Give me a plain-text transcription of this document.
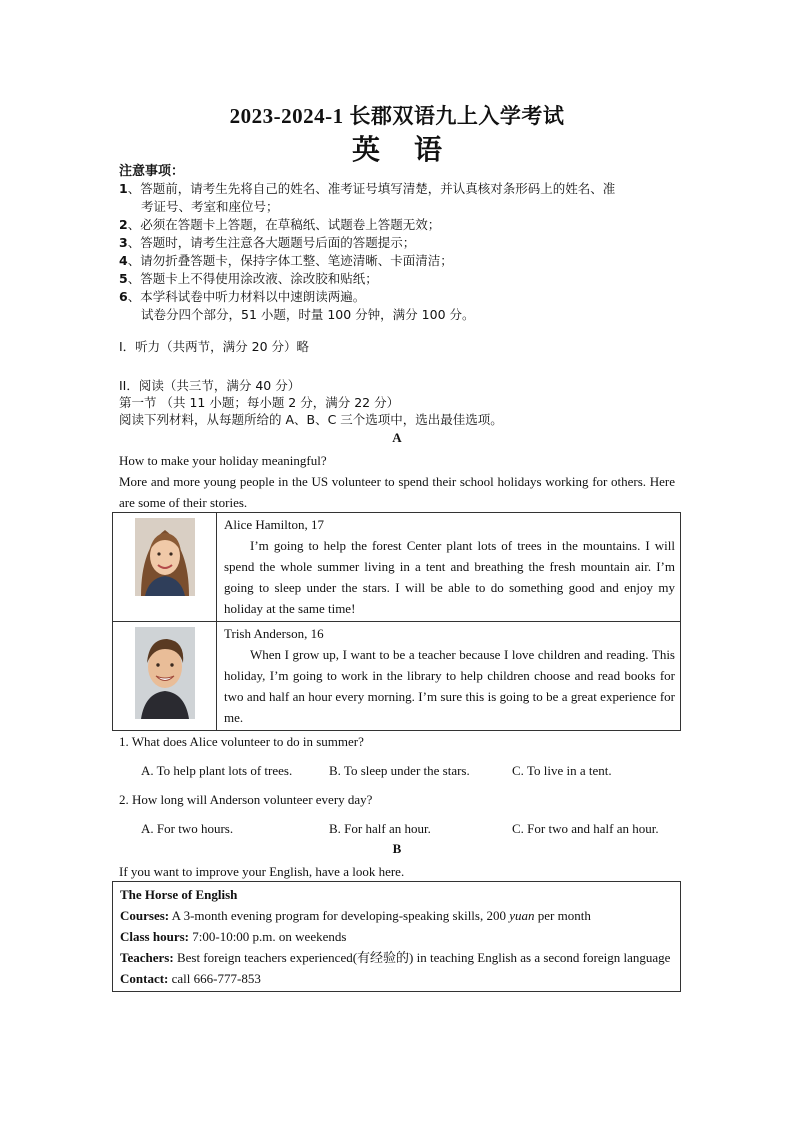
2023-2024-1 长郡双语九上入学考试
英语
注意事项：
1、答题前，请考生先将自己的姓名、准考证号填写清楚，并认真核对条形码上的姓名、准
考证号、考室和座位号；
2、必须在答题卡上答题，在草稿纸、试题卷上答题无效；
3、答题时，请考生注意各大题题号后面的答题提示；
4、请勿折叠答题卡，保持字体工整、笔迹清晰、卡面清洁；
5、答题卡上不得使用涂改液、涂改胶和贴纸；
6、本学科试卷中听力材料以中速朗读两遍。
试卷分四个部分，51 小题，时量 100 分钟，满分 100 分。
I．听力（共两节，满分 20 分）略
II．阅读（共三节，满分 40 分）
第一节 （共 11 小题；每小题 2 分，满分 22 分）
阅读下列材料，从每题所给的 A、B、C 三个选项中，选出最佳选项。
A
How to make your holiday meaningful?
More and more young people in the US volunteer to spend their school holidays working for others. Here are some of their stories.

Alice Hamilton, 17
I’m going to help the forest Center plant lots of trees in the mountains. I will spend the whole summer living in a tent and breathing the fresh mountain air. I’m going to sleep under the stars. I will be able to do something good and enjoy my holiday at the same time!

Trish Anderson, 16
When I grow up, I want to be a teacher because I love children and reading. This holiday, I’m going to work in the library to help children choose and read books for two and half an hour every morning. I’m sure this is going to be a great experience for me.
1. What does Alice volunteer to do in summer?
A. To help plant lots of trees.	B. To sleep under the stars.	C. To live in a tent.
2. How long will Anderson volunteer every day?
A. For two hours.	B. For half an hour.	C. For two and half an hour.
B
If you want to improve your English, have a look here.
The Horse of English
Courses: A 3-month evening program for developing-speaking skills, 200 yuan per month
Class hours: 7:00-10:00 p.m. on weekends
Teachers: Best foreign teachers experienced(有经验的) in teaching English as a second foreign language
Contact: call 666-777-853
